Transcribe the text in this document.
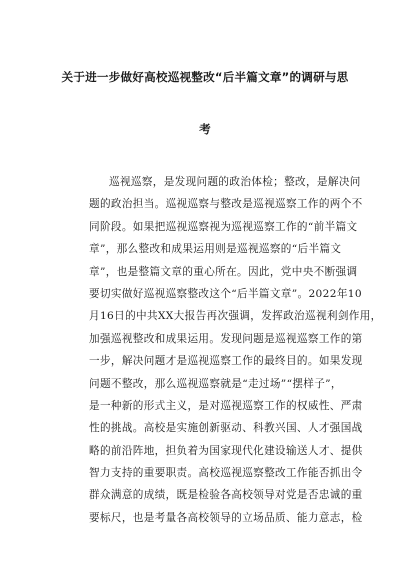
关于进一步做好高校巡视整改“后半篇文章”的调研与思
考
巡视巡察，是发现问题的政治体检；整改，是解决问
题的政治担当。巡视巡察与整改是巡视巡察工作的两个不
同阶段。如果把巡视巡察视为巡视巡察工作的“前半篇文
章”，那么整改和成果运用则是巡视巡察的“后半篇文
章”，也是整篇文章的重心所在。因此，党中央不断强调
要切实做好巡视巡察整改这个“后半篇文章”。2022年10
月16日的中共XX大报告再次强调，发挥政治巡视利剑作用，
加强巡视整改和成果运用。发现问题是巡视巡察工作的第
一步，解决问题才是巡视巡察工作的最终目的。如果发现
问题不整改，那么巡视巡察就是“走过场”“摆样子”，
是一种新的形式主义，是对巡视巡察工作的权威性、严肃
性的挑战。高校是实施创新驱动、科教兴国、人才强国战
略的前沿阵地，担负着为国家现代化建设输送人才、提供
智力支持的重要职责。高校巡视巡察整改工作能否抓出令
群众满意的成绩，既是检验各高校领导对党是否忠诚的重
要标尺，也是考量各高校领导的立场品质、能力意志，检
